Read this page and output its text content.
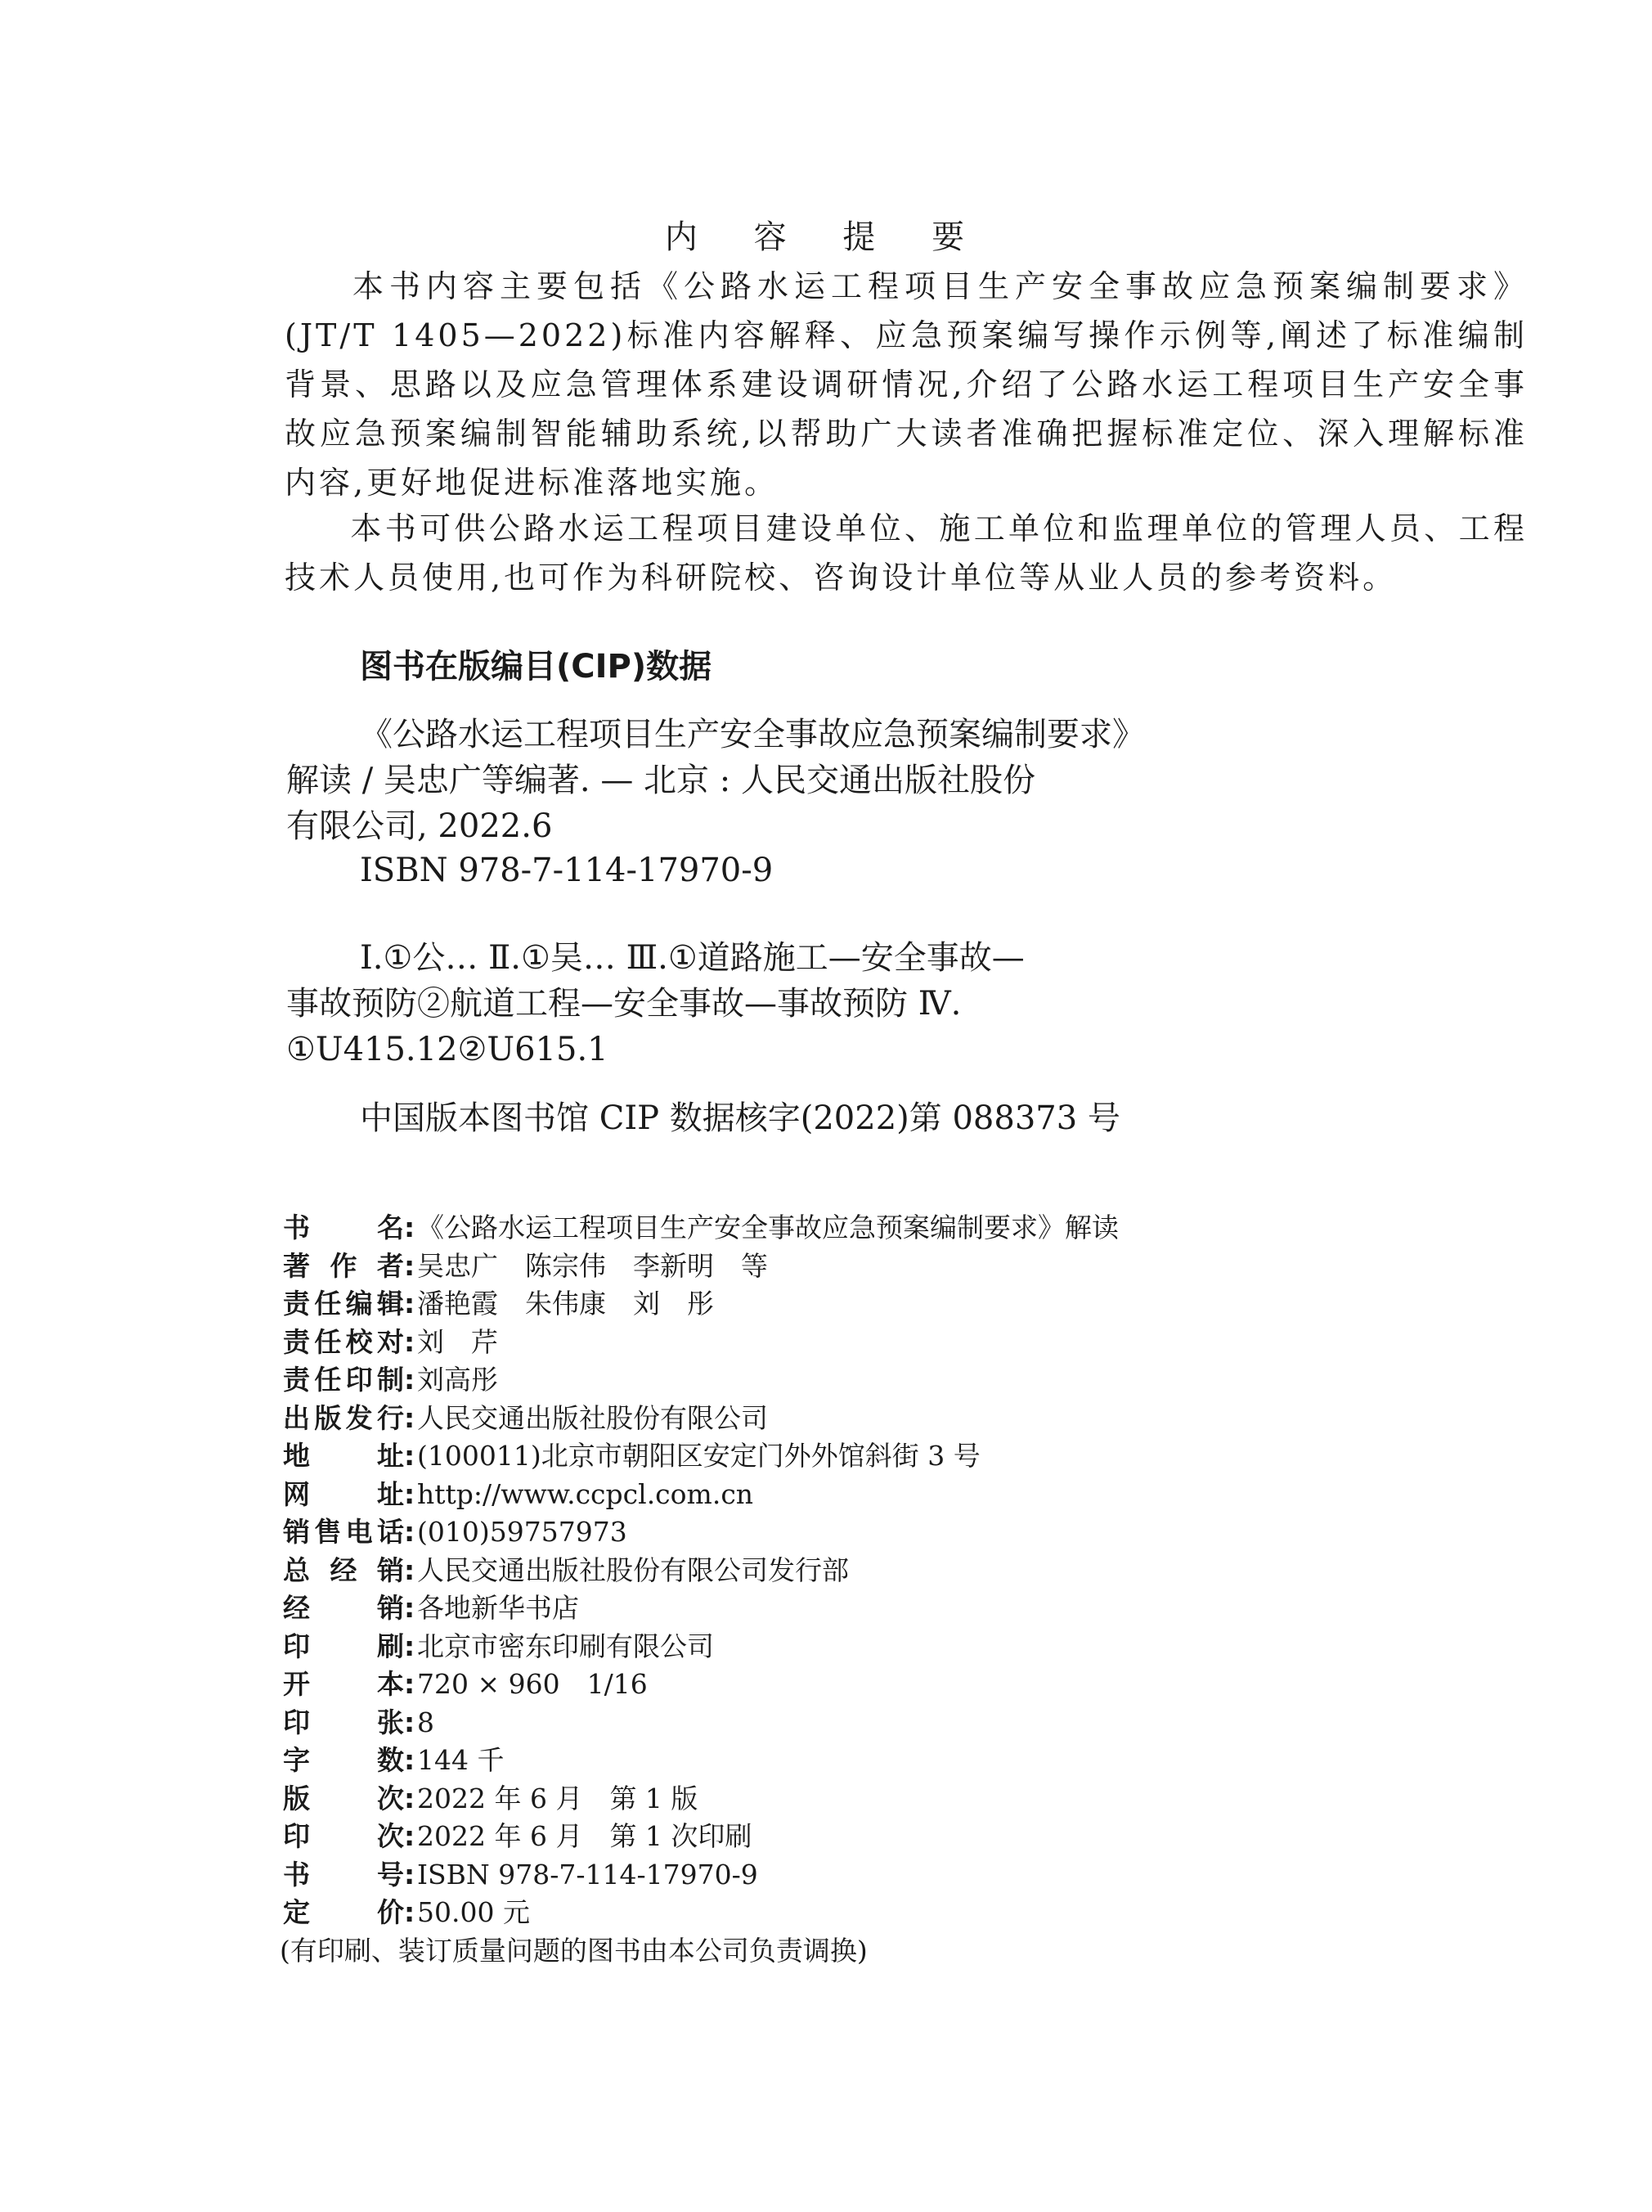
内 容 提 要
本书内容主要包括《公路水运工程项目生产安全事故应急预案编制要求》(JT/T 1405—2022)标准内容解释、应急预案编写操作示例等,阐述了标准编制背景、思路以及应急管理体系建设调研情况,介绍了公路水运工程项目生产安全事故应急预案编制智能辅助系统,以帮助广大读者准确把握标准定位、深入理解标准内容,更好地促进标准落地实施。
本书可供公路水运工程项目建设单位、施工单位和监理单位的管理人员、工程技术人员使用,也可作为科研院校、咨询设计单位等从业人员的参考资料。
图书在版编目(CIP)数据
《公路水运工程项目生产安全事故应急预案编制要求》
解读 / 吴忠广等编著. — 北京 : 人民交通出版社股份
有限公司, 2022.6
ISBN 978-7-114-17970-9
Ⅰ.①公… Ⅱ.①吴… Ⅲ.①道路施工—安全事故—
事故预防②航道工程—安全事故—事故预防 Ⅳ.
①U415.12②U615.1
中国版本图书馆 CIP 数据核字(2022)第 088373 号
书名 : 《公路水运工程项目生产安全事故应急预案编制要求》解读
著作者 : 吴忠广　陈宗伟　李新明　等
责任编辑 : 潘艳霞　朱伟康　刘　彤
责任校对 : 刘　芹
责任印制 : 刘高彤
出版发行 : 人民交通出版社股份有限公司
地址 : (100011)北京市朝阳区安定门外外馆斜街 3 号
网址 : http://www.ccpcl.com.cn
销售电话 : (010)59757973
总经销 : 人民交通出版社股份有限公司发行部
经销 : 各地新华书店
印刷 : 北京市密东印刷有限公司
开本 : 720 × 960　1/16
印张 : 8
字数 : 144 千
版次 : 2022 年 6 月　第 1 版
印次 : 2022 年 6 月　第 1 次印刷
书号 : ISBN 978-7-114-17970-9
定价 : 50.00 元
(有印刷、装订质量问题的图书由本公司负责调换)
